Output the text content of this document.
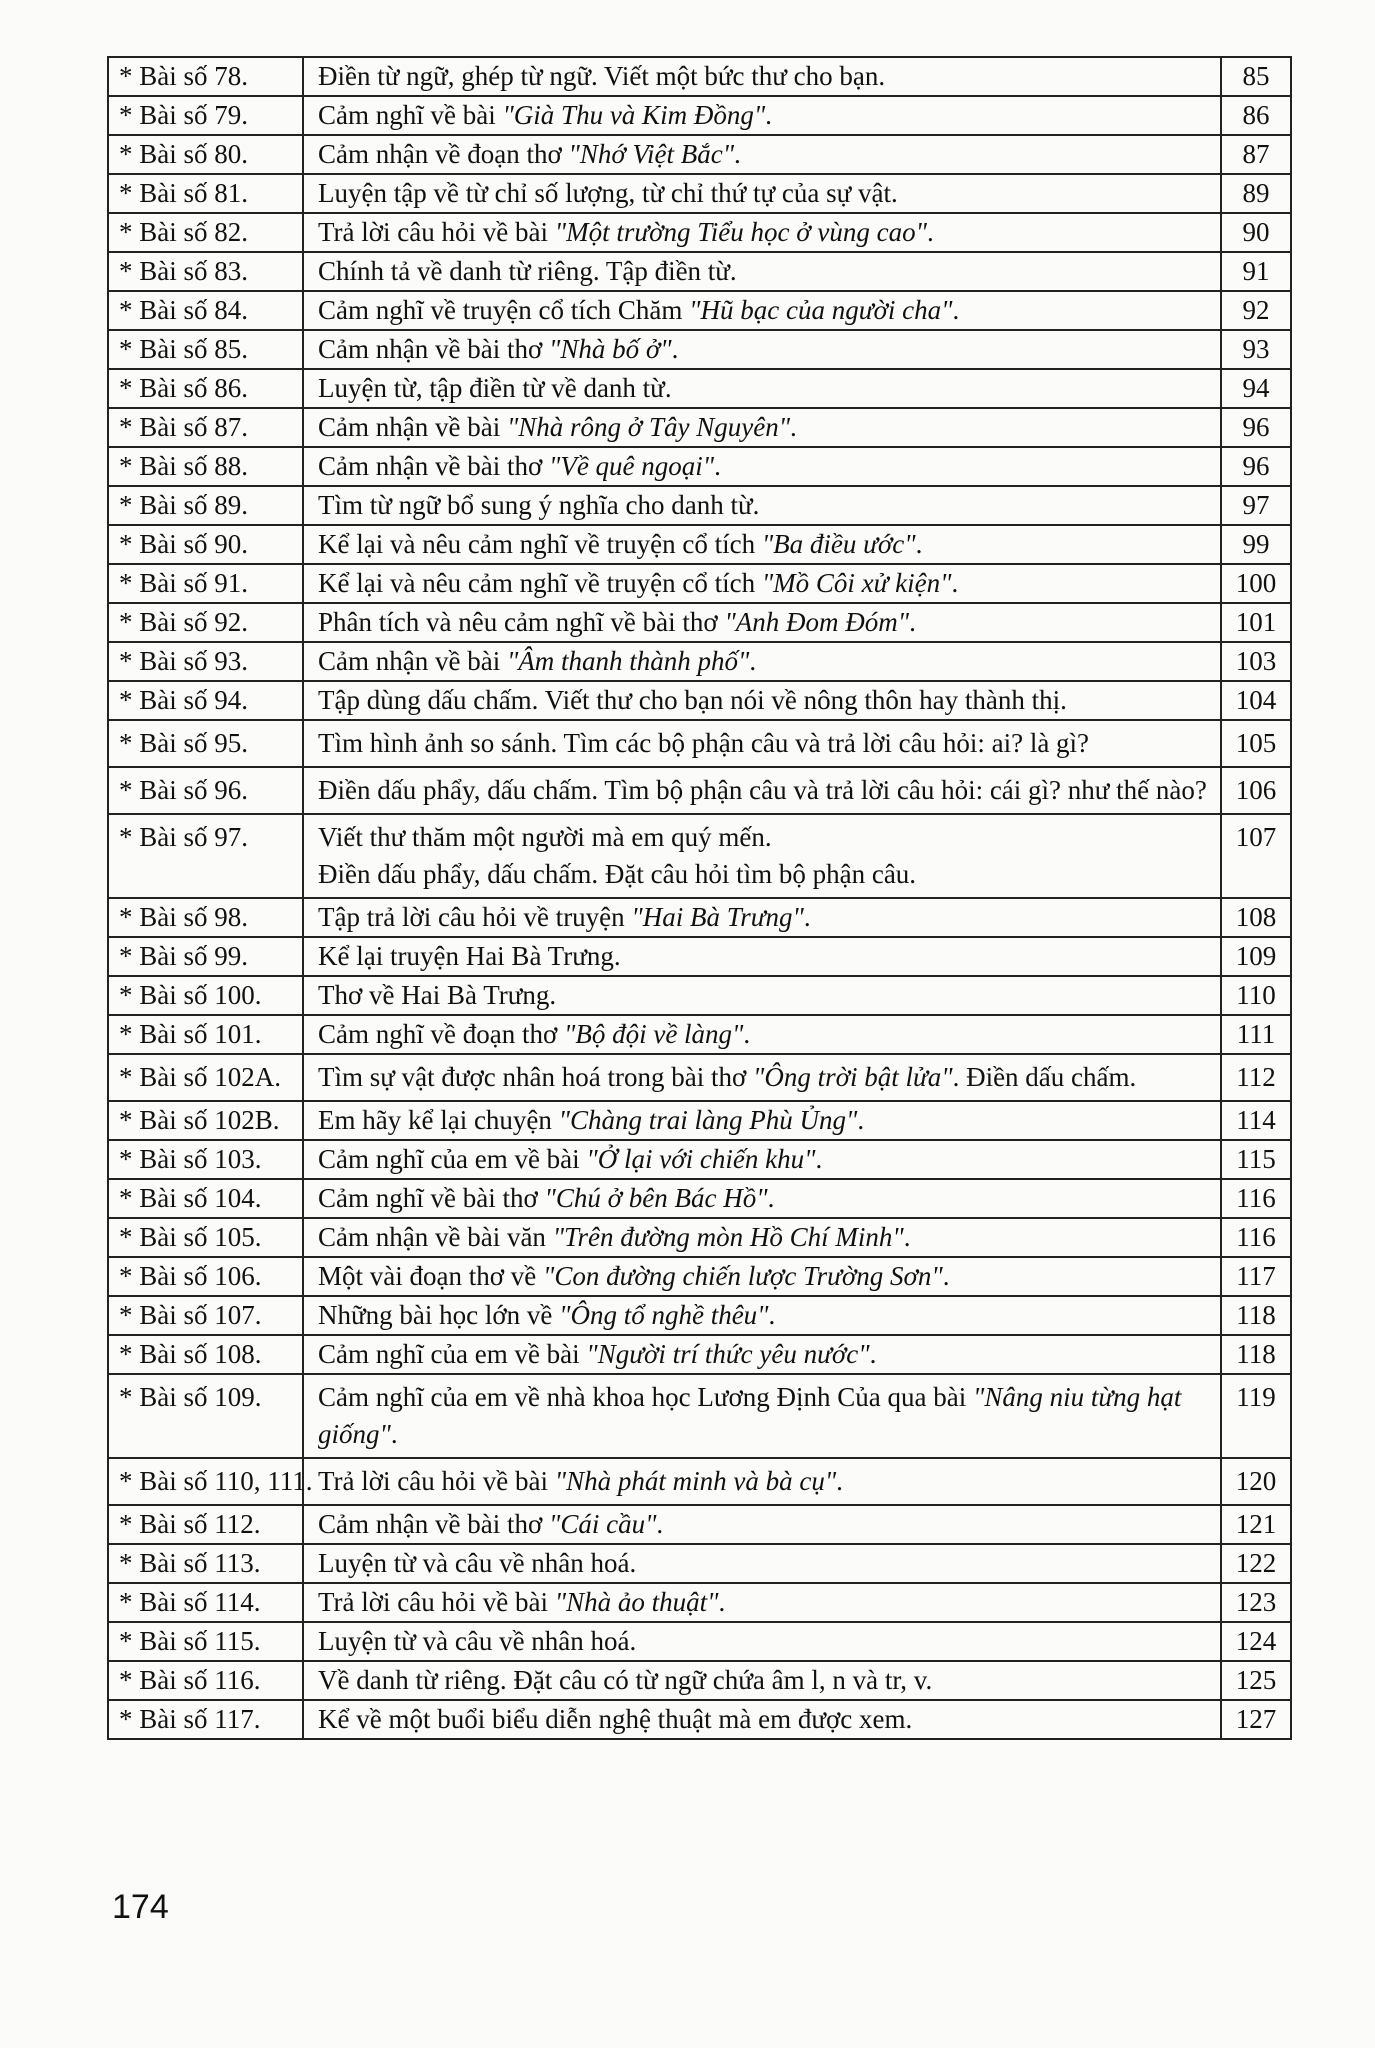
* Bài số 78.	Điền từ ngữ, ghép từ ngữ. Viết một bức thư cho bạn.	85
* Bài số 79.	Cảm nghĩ về bài "Già Thu và Kim Đồng".	86
* Bài số 80.	Cảm nhận về đoạn thơ "Nhớ Việt Bắc".	87
* Bài số 81.	Luyện tập về từ chỉ số lượng, từ chỉ thứ tự của sự vật.	89
* Bài số 82.	Trả lời câu hỏi về bài "Một trường Tiểu học ở vùng cao".	90
* Bài số 83.	Chính tả về danh từ riêng. Tập điền từ.	91
* Bài số 84.	Cảm nghĩ về truyện cổ tích Chăm "Hũ bạc của người cha".	92
* Bài số 85.	Cảm nhận về bài thơ "Nhà bố ở".	93
* Bài số 86.	Luyện từ, tập điền từ về danh từ.	94
* Bài số 87.	Cảm nhận về bài "Nhà rông ở Tây Nguyên".	96
* Bài số 88.	Cảm nhận về bài thơ "Về quê ngoại".	96
* Bài số 89.	Tìm từ ngữ bổ sung ý nghĩa cho danh từ.	97
* Bài số 90.	Kể lại và nêu cảm nghĩ về truyện cổ tích "Ba điều ước".	99
* Bài số 91.	Kể lại và nêu cảm nghĩ về truyện cổ tích "Mồ Côi xử kiện".	100
* Bài số 92.	Phân tích và nêu cảm nghĩ về bài thơ "Anh Đom Đóm".	101
* Bài số 93.	Cảm nhận về bài "Âm thanh thành phố".	103
* Bài số 94.	Tập dùng dấu chấm. Viết thư cho bạn nói về nông thôn hay thành thị.	104
* Bài số 95.	Tìm hình ảnh so sánh. Tìm các bộ phận câu và trả lời câu hỏi: ai? là gì?	105
* Bài số 96.	Điền dấu phẩy, dấu chấm. Tìm bộ phận câu và trả lời câu hỏi: cái gì? như thế nào?	106
* Bài số 97.	Viết thư thăm một người mà em quý mến.
Điền dấu phẩy, dấu chấm. Đặt câu hỏi tìm bộ phận câu.	107
* Bài số 98.	Tập trả lời câu hỏi về truyện "Hai Bà Trưng".	108
* Bài số 99.	Kể lại truyện Hai Bà Trưng.	109
* Bài số 100.	Thơ về Hai Bà Trưng.	110
* Bài số 101.	Cảm nghĩ về đoạn thơ "Bộ đội về làng".	111
* Bài số 102A.	Tìm sự vật được nhân hoá trong bài thơ "Ông trời bật lửa". Điền dấu chấm.	112
* Bài số 102B.	Em hãy kể lại chuyện "Chàng trai làng Phù Ủng".	114
* Bài số 103.	Cảm nghĩ của em về bài "Ở lại với chiến khu".	115
* Bài số 104.	Cảm nghĩ về bài thơ "Chú ở bên Bác Hồ".	116
* Bài số 105.	Cảm nhận về bài văn "Trên đường mòn Hồ Chí Minh".	116
* Bài số 106.	Một vài đoạn thơ về "Con đường chiến lược Trường Sơn".	117
* Bài số 107.	Những bài học lớn về "Ông tổ nghề thêu".	118
* Bài số 108.	Cảm nghĩ của em về bài "Người trí thức yêu nước".	118
* Bài số 109.	Cảm nghĩ của em về nhà khoa học Lương Định Của qua bài "Nâng niu từng hạt giống".	119
* Bài số 110, 111.	Trả lời câu hỏi về bài "Nhà phát minh và bà cụ".	120
* Bài số 112.	Cảm nhận về bài thơ "Cái cầu".	121
* Bài số 113.	Luyện từ và câu về nhân hoá.	122
* Bài số 114.	Trả lời câu hỏi về bài "Nhà ảo thuật".	123
* Bài số 115.	Luyện từ và câu về nhân hoá.	124
* Bài số 116.	Về danh từ riêng. Đặt câu có từ ngữ chứa âm l, n và tr, v.	125
* Bài số 117.	Kể về một buổi biểu diễn nghệ thuật mà em được xem.	127
174
